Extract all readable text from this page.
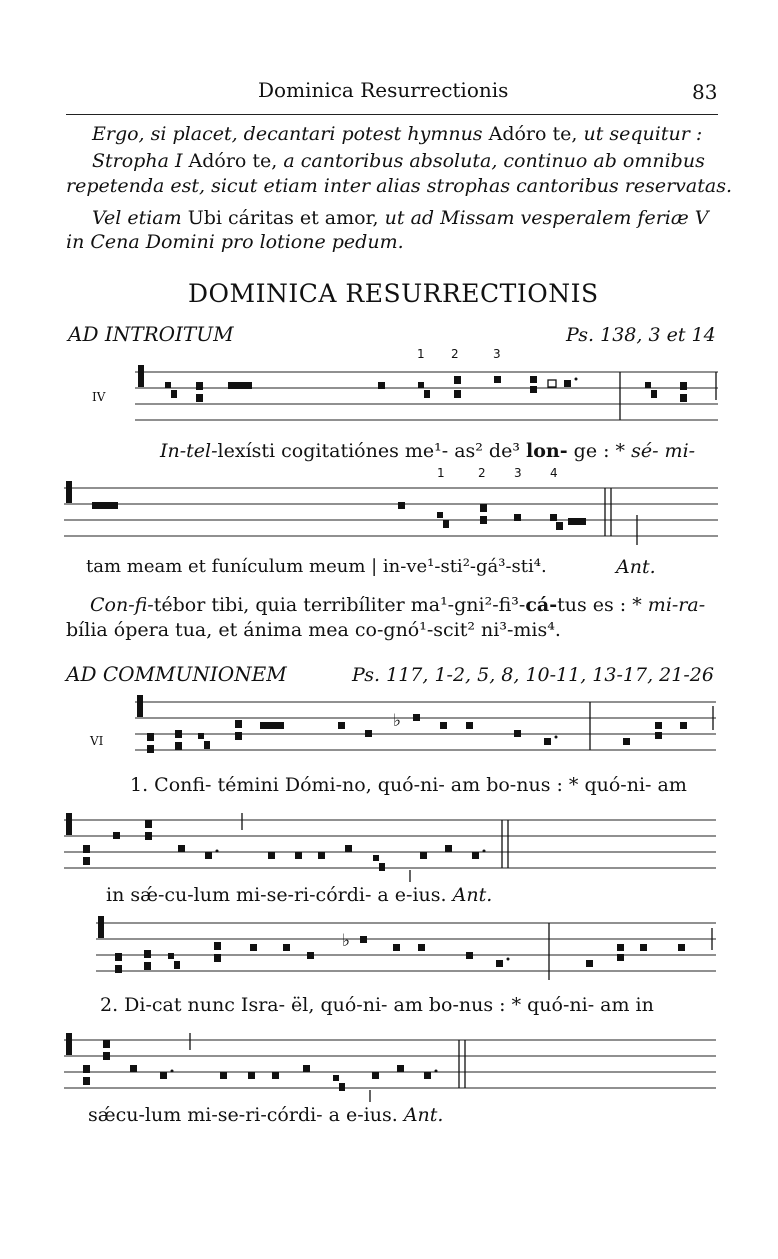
Dominica Resurrectionis	83
Ergo, si placet, decantari potest hymnus Adóro te, ut sequitur :
Stropha I Adóro te, a cantoribus absoluta, continuo ab omnibus
repetenda est, sicut etiam inter alias strophas cantoribus reservatas.
Vel etiam Ubi cáritas et amor, ut ad Missam vesperalem feriæ V
in Cena Domini pro lotione pedum.
DOMINICA RESURRECTIONIS
AD INTROITUM	Ps. 138, 3 et 14
1 2	3
IV
♭
♭
In-tel-lexísti cogitatiónes me¹- as² de³ lon- ge : * sé- mi-
1	2 3 4
tam meam et funículum meum | in-ve¹-sti²-gá³-sti⁴.	Ant.
Con-fi-tébor tibi, quia terribíliter ma¹-gni²-fi³-cá-tus es : * mi-ra-
bília ópera tua, et ánima mea co-gnó¹-scit² ni³-mis⁴.
AD COMMUNIONEM	Ps. 117, 1-2, 5, 8, 10-11, 13-17, 21-26
VI
1. Confi- témini Dómi-no, quó-ni- am bo-nus : * quó-ni- am
in sǽ-cu-lum mi-se-ri-córdi- a e-ius. Ant.
2. Di-cat nunc Isra- ël, quó-ni- am bo-nus : * quó-ni- am in
sǽcu-lum mi-se-ri-córdi- a e-ius. Ant.
